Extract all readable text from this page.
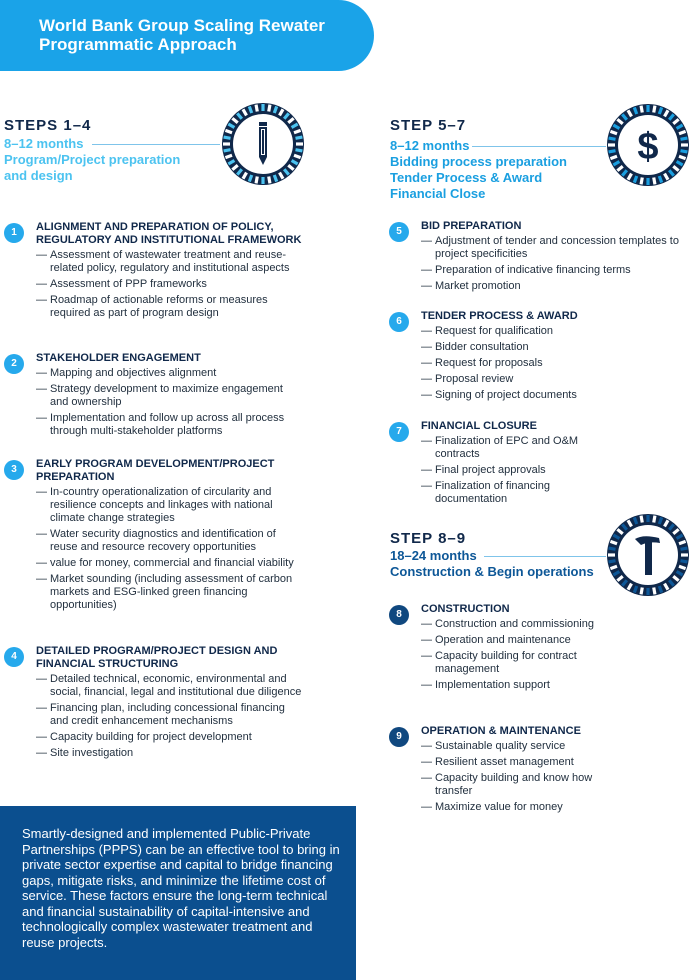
World Bank Group Scaling Rewater Programmatic Approach

STEPS 1–4

8–12 months
Program/Project preparation
and design

STEP 5–7

8–12 months
Bidding process preparation
Tender Process & Award
Financial Close
$

STEP 8–9

18–24 months
Construction & Begin operations
1	ALIGNMENT AND PREPARATION OF POLICY, REGULATORY AND INSTITUTIONAL FRAMEWORK

— Assessment of wastewater treatment and reuse-related policy, regulatory and institutional aspects
— Assessment of PPP frameworks
— Roadmap of actionable reforms or measures required as part of program design
2	STAKEHOLDER ENGAGEMENT

— Mapping and objectives alignment
— Strategy development to maximize engagement and ownership
— Implementation and follow up across all process through multi-stakeholder platforms
3	EARLY PROGRAM DEVELOPMENT/PROJECT PREPARATION

— In-country operationalization of circularity and resilience concepts and linkages with national climate change strategies
— Water security diagnostics and identification of reuse and resource recovery opportunities
— value for money, commercial and financial viability
— Market sounding (including assessment of carbon markets and ESG-linked green financing opportunities)
4	DETAILED PROGRAM/PROJECT DESIGN AND FINANCIAL STRUCTURING

— Detailed technical, economic, environmental and social, financial, legal and institutional due diligence
— Financing plan, including concessional financing and credit enhancement mechanisms
— Capacity building for project development
— Site investigation
5	BID PREPARATION

— Adjustment of tender and concession templates to project specificities
— Preparation of indicative financing terms
— Market promotion
6	TENDER PROCESS & AWARD

— Request for qualification
— Bidder consultation
— Request for proposals
— Proposal review
— Signing of project documents
7	FINANCIAL CLOSURE

— Finalization of EPC and O&M contracts
— Final project approvals
— Finalization of financing documentation
8	CONSTRUCTION

— Construction and commissioning
— Operation and maintenance
— Capacity building for contract management
— Implementation support
9	OPERATION & MAINTENANCE

— Sustainable quality service
— Resilient asset management
— Capacity building and know how transfer
— Maximize value for money

Smartly-designed and implemented Public-Private Partnerships (PPPS) can be an effective tool to bring in private sector expertise and capital to bridge financing gaps, mitigate risks, and minimize the lifetime cost of service. These factors ensure the long-term technical and financial sustainability of capital-intensive and technologically complex wastewater treatment and reuse projects.
